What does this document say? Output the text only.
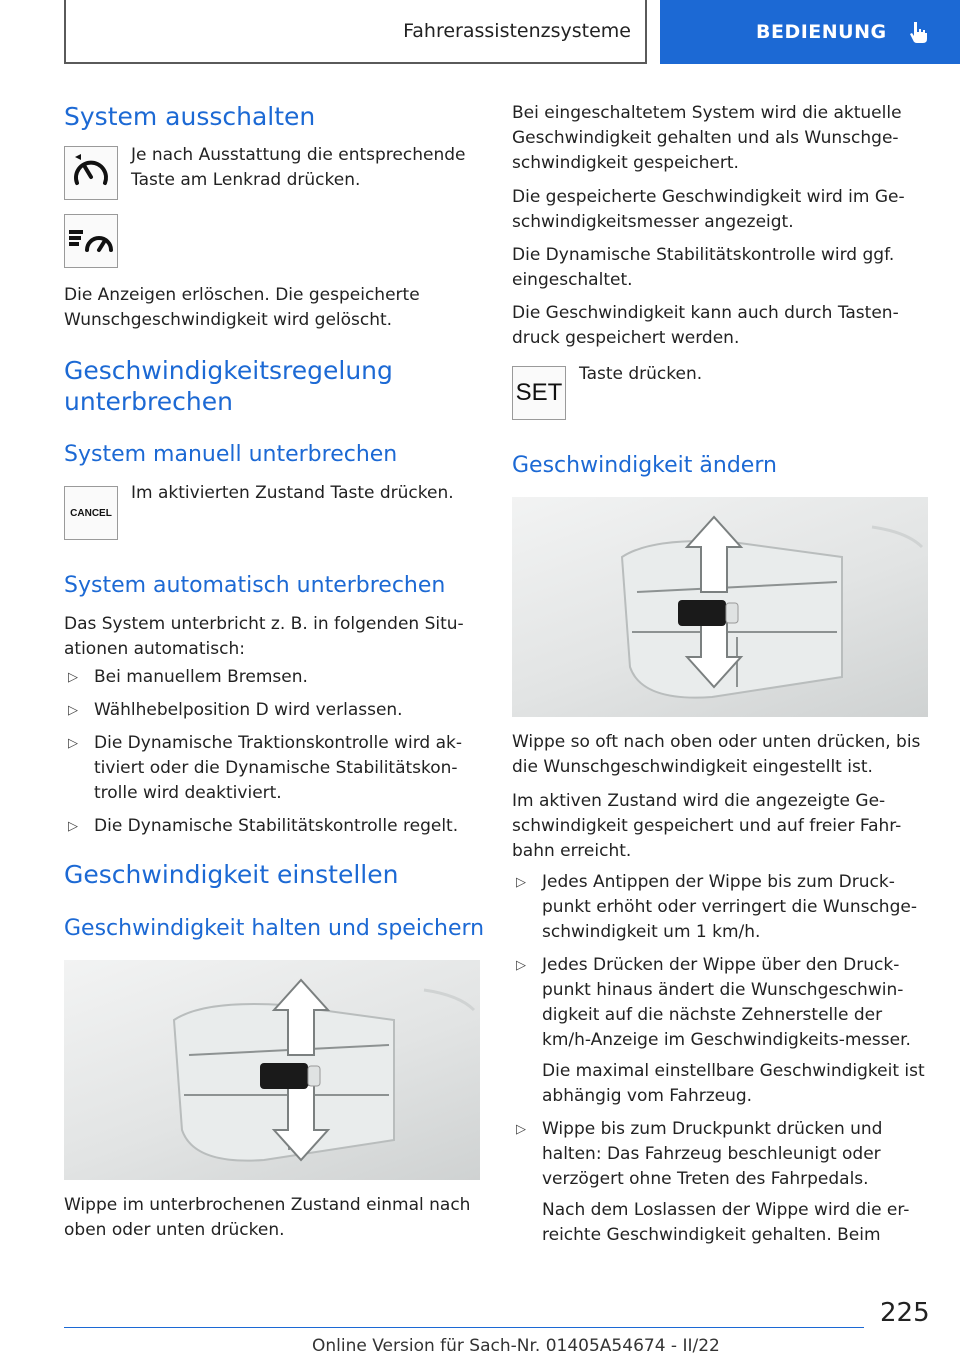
Fahrerassistenzsysteme	BEDIENUNG
System ausschalten
Je nach Ausstattung die entsprechende Taste am Lenkrad drücken.
Die Anzeigen erlöschen. Die gespeicherte Wunschgeschwindigkeit wird gelöscht.
Geschwindigkeitsregelung
unterbrechen
System manuell unterbrechen
CANCEL
Im aktivierten Zustand Taste drücken.
System automatisch unterbrechen
Das System unterbricht z. B. in folgenden Situ-ationen automatisch:
▷ Bei manuellem Bremsen.
▷ Wählhebelposition D wird verlassen.
▷ Die Dynamische Traktionskontrolle wird ak-tiviert oder die Dynamische Stabilitätskon-trolle wird deaktiviert.
▷ Die Dynamische Stabilitätskontrolle regelt.
Geschwindigkeit einstellen
Geschwindigkeit halten und speichern
Wippe im unterbrochenen Zustand einmal nach oben oder unten drücken.
Bei eingeschaltetem System wird die aktuelle Geschwindigkeit gehalten und als Wunschge-schwindigkeit gespeichert.
Die gespeicherte Geschwindigkeit wird im Ge-schwindigkeitsmesser angezeigt.
Die Dynamische Stabilitätskontrolle wird ggf. eingeschaltet.
Die Geschwindigkeit kann auch durch Tasten-druck gespeichert werden.
SET
Taste drücken.
Geschwindigkeit ändern
Wippe so oft nach oben oder unten drücken, bis die Wunschgeschwindigkeit eingestellt ist.
Im aktiven Zustand wird die angezeigte Ge-schwindigkeit gespeichert und auf freier Fahr-bahn erreicht.
▷ Jedes Antippen der Wippe bis zum Druck-punkt erhöht oder verringert die Wunschge-schwindigkeit um 1 km/h.
▷ Jedes Drücken der Wippe über den Druck-punkt hinaus ändert die Wunschgeschwin-digkeit auf die nächste Zehnerstelle der km/h-Anzeige im Geschwindigkeits-messer.
Die maximal einstellbare Geschwindigkeit ist abhängig vom Fahrzeug.
▷ Wippe bis zum Druckpunkt drücken und halten: Das Fahrzeug beschleunigt oder verzögert ohne Treten des Fahrpedals.
Nach dem Loslassen der Wippe wird die er-reichte Geschwindigkeit gehalten. Beim
225
Online Version für Sach-Nr. 01405A54674 - II/22
